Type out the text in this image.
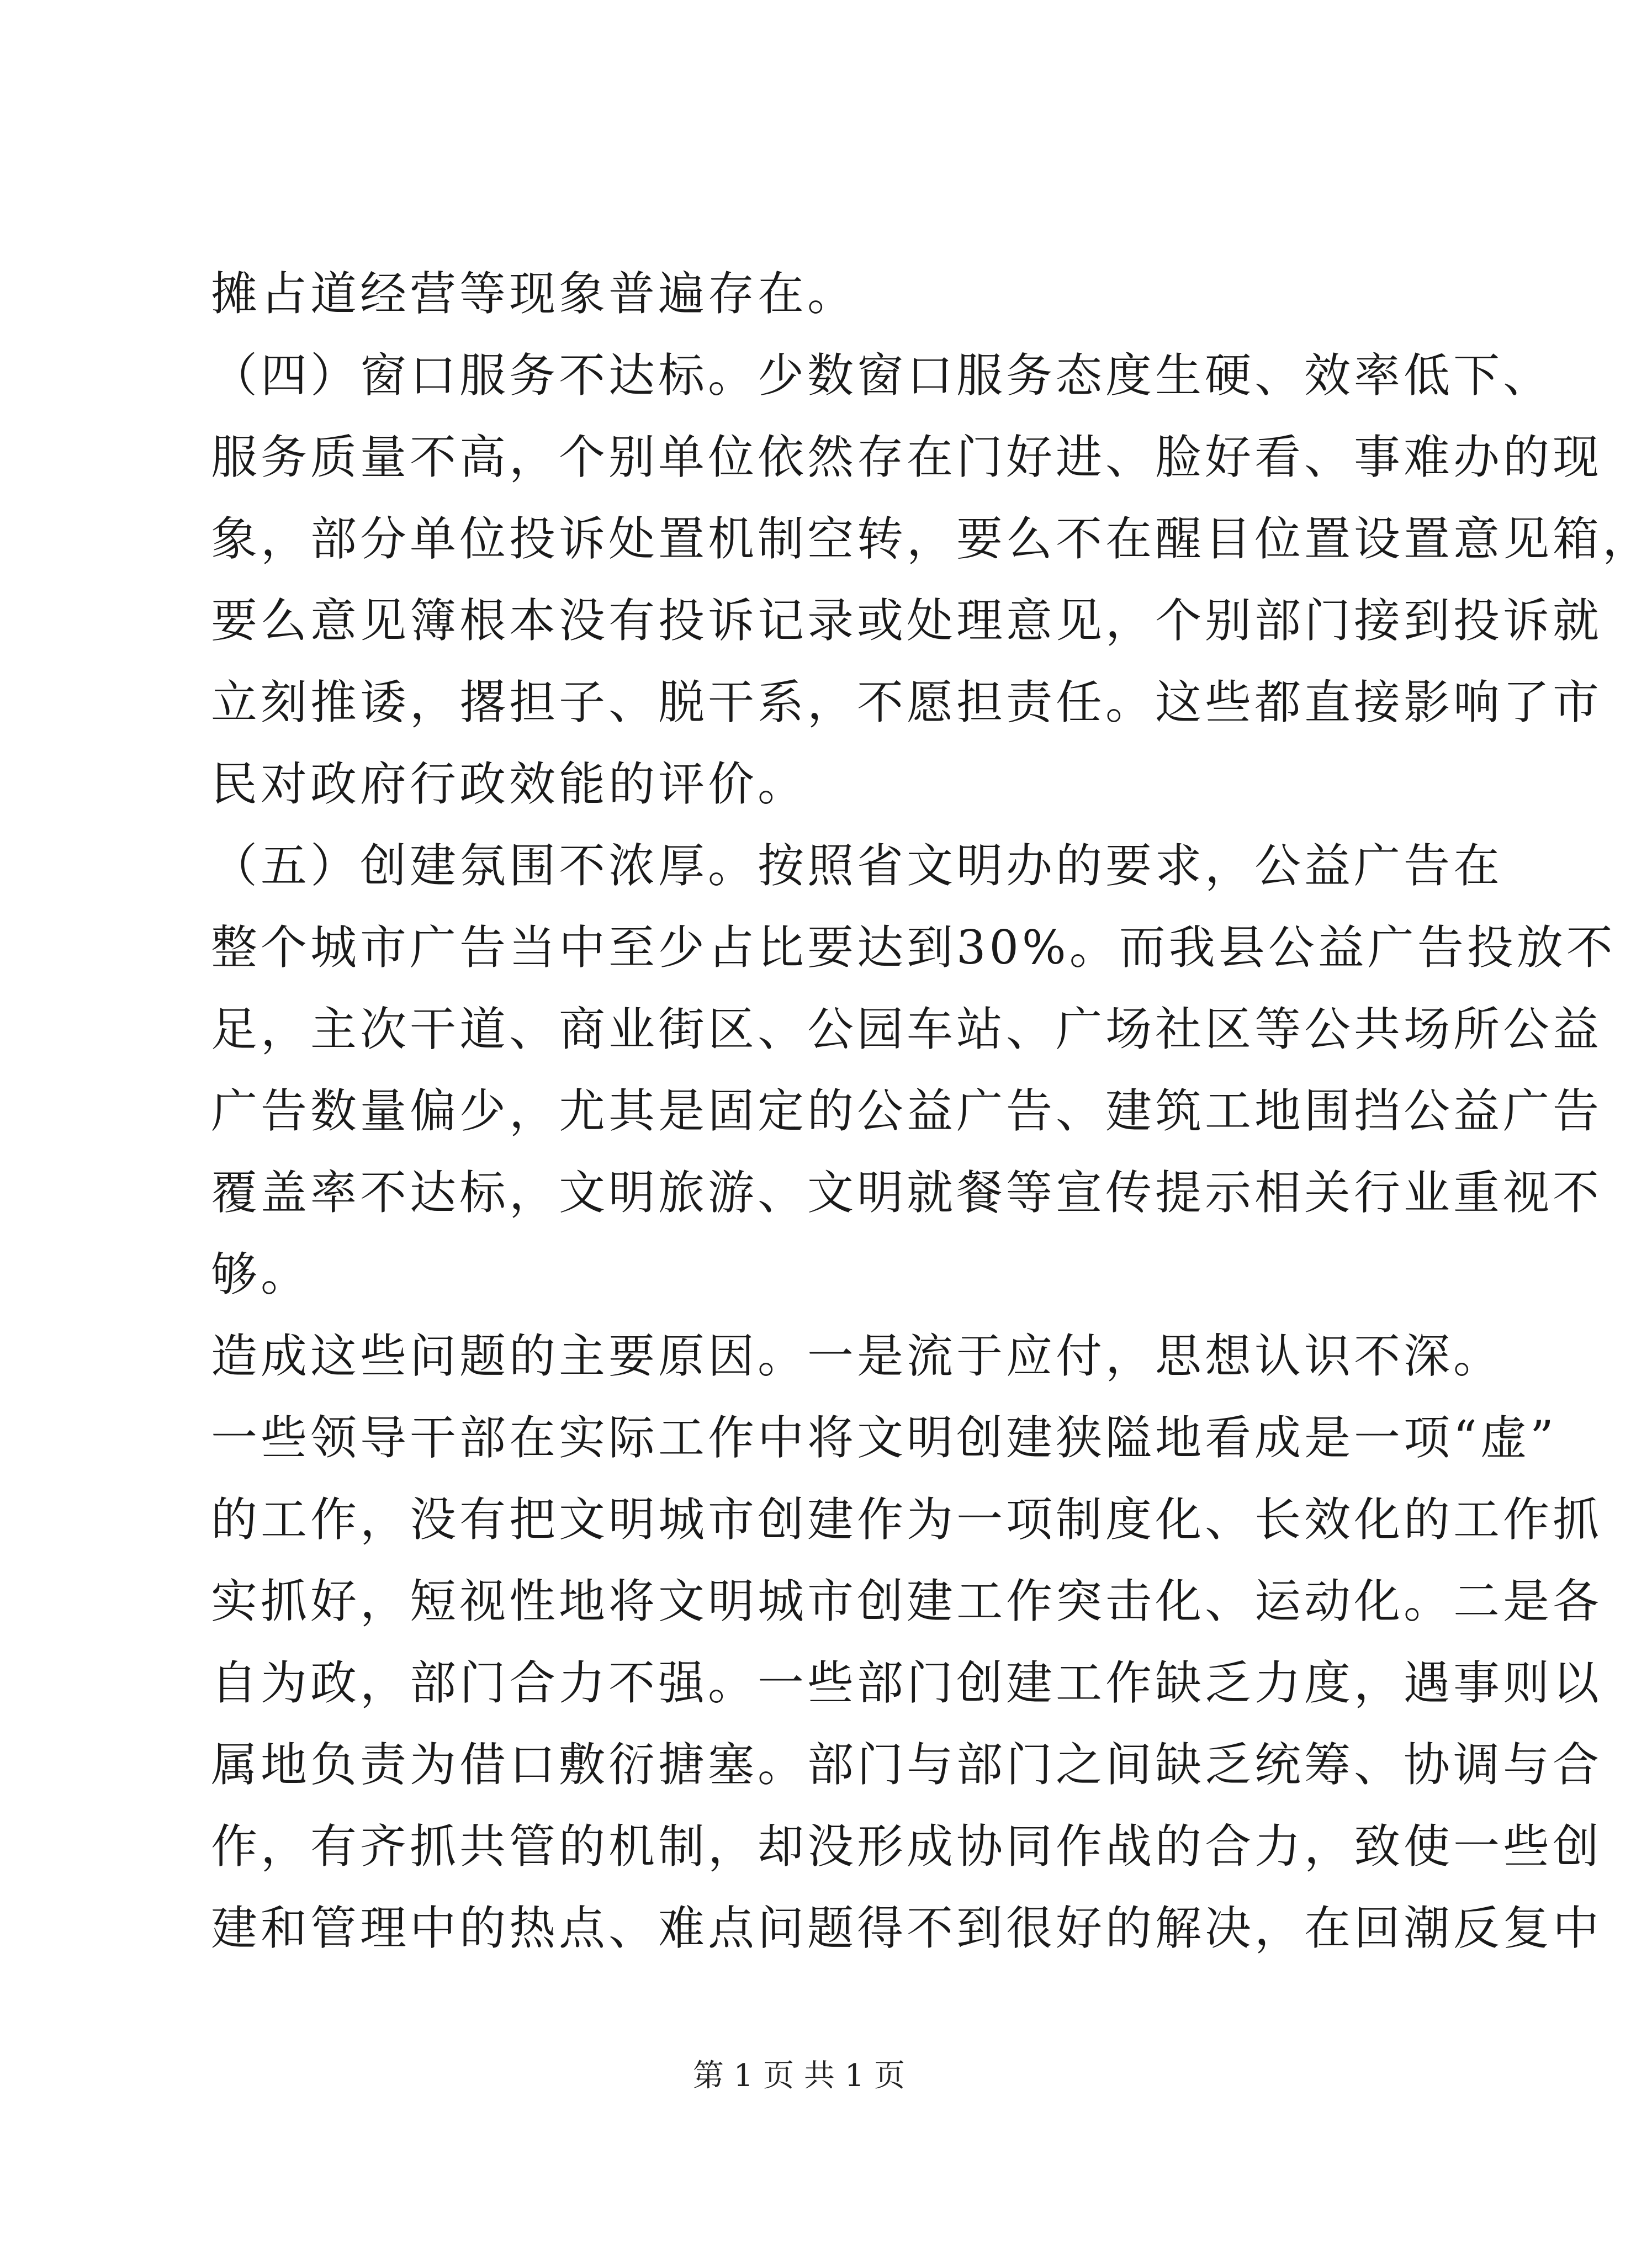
摊占道经营等现象普遍存在。
（四）窗口服务不达标。少数窗口服务态度生硬、效率低下、
服务质量不高，个别单位依然存在门好进、脸好看、事难办的现
象，部分单位投诉处置机制空转，要么不在醒目位置设置意见箱，
要么意见簿根本没有投诉记录或处理意见，个别部门接到投诉就
立刻推诿，撂担子、脱干系，不愿担责任。这些都直接影响了市
民对政府行政效能的评价。
（五）创建氛围不浓厚。按照省文明办的要求，公益广告在
整个城市广告当中至少占比要达到30%。而我县公益广告投放不
足，主次干道、商业街区、公园车站、广场社区等公共场所公益
广告数量偏少，尤其是固定的公益广告、建筑工地围挡公益广告
覆盖率不达标，文明旅游、文明就餐等宣传提示相关行业重视不
够。
造成这些问题的主要原因。一是流于应付，思想认识不深。
一些领导干部在实际工作中将文明创建狭隘地看成是一项“虚”
的工作，没有把文明城市创建作为一项制度化、长效化的工作抓
实抓好，短视性地将文明城市创建工作突击化、运动化。二是各
自为政，部门合力不强。一些部门创建工作缺乏力度，遇事则以
属地负责为借口敷衍搪塞。部门与部门之间缺乏统筹、协调与合
作，有齐抓共管的机制，却没形成协同作战的合力，致使一些创
建和管理中的热点、难点问题得不到很好的解决，在回潮反复中
第 1 页 共 1 页
